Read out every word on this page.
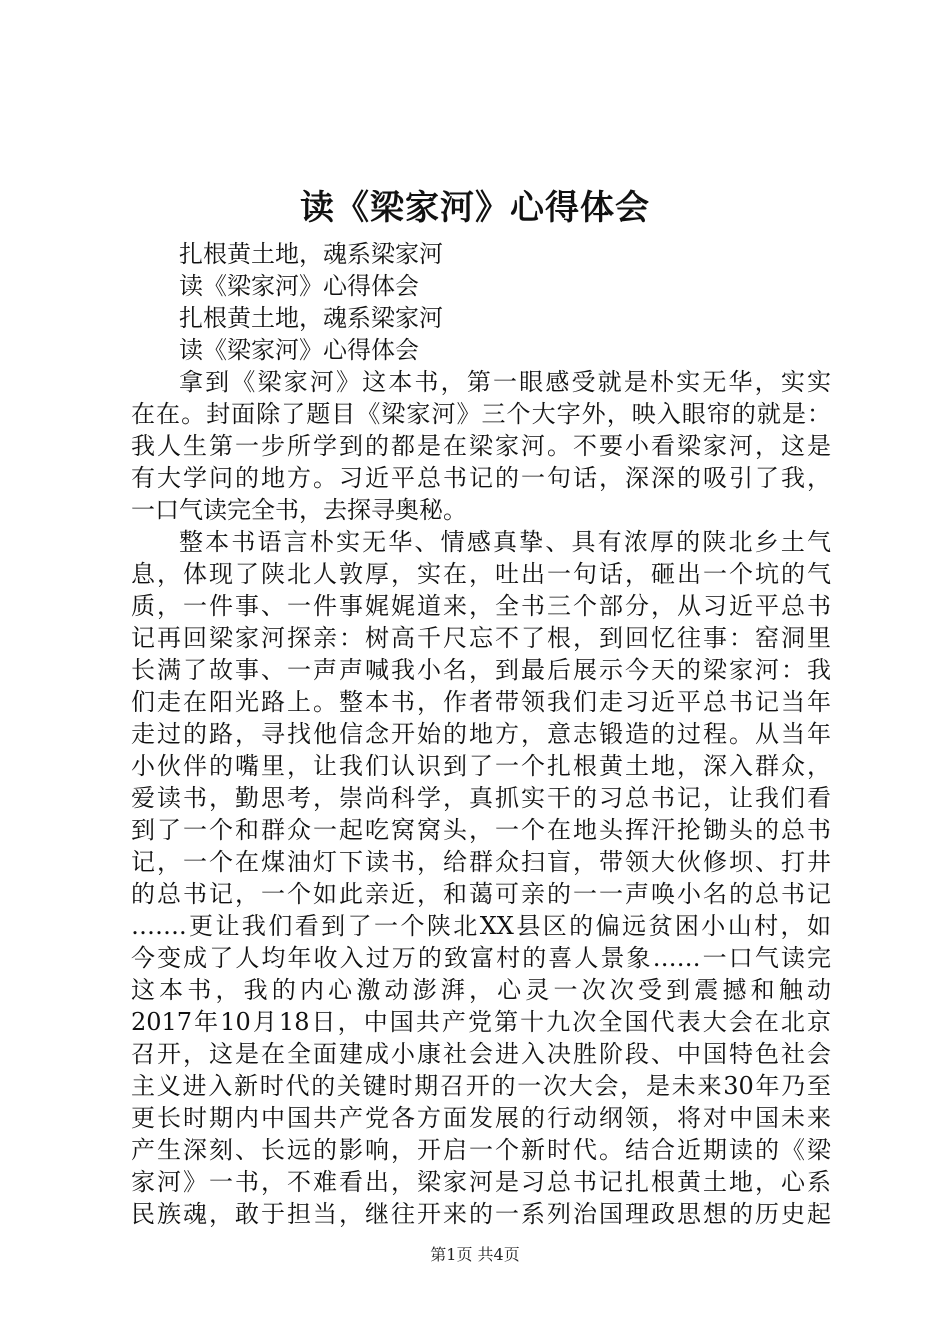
读《梁家河》心得体会
扎根黄土地，魂系梁家河
读《梁家河》心得体会
扎根黄土地，魂系梁家河
读《梁家河》心得体会
拿到《梁家河》这本书，第一眼感受就是朴实无华，实实
在在。封面除了题目《梁家河》三个大字外，映入眼帘的就是：
我人生第一步所学到的都是在梁家河。不要小看梁家河，这是
有大学问的地方。习近平总书记的一句话，深深的吸引了我，
一口气读完全书，去探寻奥秘。
整本书语言朴实无华、情感真挚、具有浓厚的陕北乡土气
息，体现了陕北人敦厚，实在，吐出一句话，砸出一个坑的气
质，一件事、一件事娓娓道来，全书三个部分，从习近平总书
记再回梁家河探亲：树高千尺忘不了根，到回忆往事：窑洞里
长满了故事、一声声喊我小名，到最后展示今天的梁家河：我
们走在阳光路上。整本书，作者带领我们走习近平总书记当年
走过的路，寻找他信念开始的地方，意志锻造的过程。从当年
小伙伴的嘴里，让我们认识到了一个扎根黄土地，深入群众，
爱读书，勤思考，崇尚科学，真抓实干的习总书记，让我们看
到了一个和群众一起吃窝窝头，一个在地头挥汗抡锄头的总书
记，一个在煤油灯下读书，给群众扫盲，带领大伙修坝、打井
的总书记，一个如此亲近，和蔼可亲的一一声唤小名的总书记
…….更让我们看到了一个陕北XX县区的偏远贫困小山村，如
今变成了人均年收入过万的致富村的喜人景象……一口气读完
这本书，我的内心激动澎湃，心灵一次次受到震撼和触动
2017年10月18日，中国共产党第十九次全国代表大会在北京
召开，这是在全面建成小康社会进入决胜阶段、中国特色社会
主义进入新时代的关键时期召开的一次大会，是未来30年乃至
更长时期内中国共产党各方面发展的行动纲领，将对中国未来
产生深刻、长远的影响，开启一个新时代。结合近期读的《梁
家河》一书，不难看出，梁家河是习总书记扎根黄土地，心系
民族魂，敢于担当，继往开来的一系列治国理政思想的历史起
第1页 共4页
